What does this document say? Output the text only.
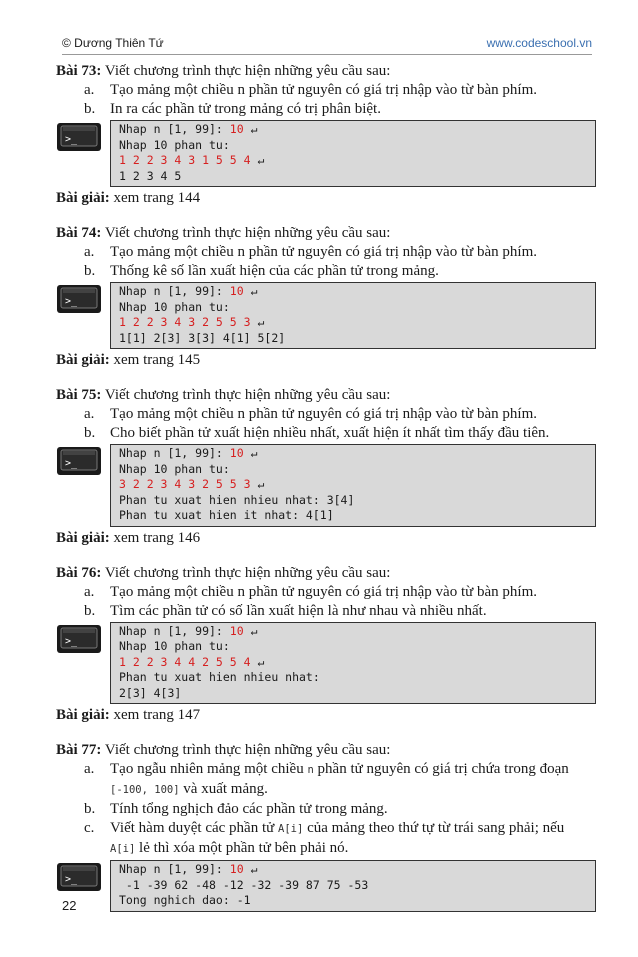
© Dương Thiên Tứ	www.codeschool.vn
Bài 73: Viết chương trình thực hiện những yêu cầu sau:
a.	Tạo mảng một chiều n phần tử nguyên có giá trị nhập vào từ bàn phím.
b. In ra các phần tử trong mảng có trị phân biệt.
>_
Nhap n [1, 99]: 10 ↵
Nhap 10 phan tu:
1 2 2 3 4 3 1 5 5 4 ↵
1 2 3 4 5
Bài giải: xem trang 144
Bài 74: Viết chương trình thực hiện những yêu cầu sau:
a.	Tạo mảng một chiều n phần tử nguyên có giá trị nhập vào từ bàn phím.
b. Thống kê số lần xuất hiện của các phần tử trong mảng.
>_
Nhap n [1, 99]: 10 ↵
Nhap 10 phan tu:
1 2 2 3 4 3 2 5 5 3 ↵
1[1] 2[3] 3[3] 4[1] 5[2]
Bài giải: xem trang 145
Bài 75: Viết chương trình thực hiện những yêu cầu sau:
a.	Tạo mảng một chiều n phần tử nguyên có giá trị nhập vào từ bàn phím.
b. Cho biết phần tử xuất hiện nhiều nhất, xuất hiện ít nhất tìm thấy đầu tiên.
>_
Nhap n [1, 99]: 10 ↵
Nhap 10 phan tu:
3 2 2 3 4 3 2 5 5 3 ↵
Phan tu xuat hien nhieu nhat: 3[4]
Phan tu xuat hien it nhat: 4[1]
Bài giải: xem trang 146
Bài 76: Viết chương trình thực hiện những yêu cầu sau:
a.	Tạo mảng một chiều n phần tử nguyên có giá trị nhập vào từ bàn phím.
b. Tìm các phần tử có số lần xuất hiện là như nhau và nhiều nhất.
>_
Nhap n [1, 99]: 10 ↵
Nhap 10 phan tu:
1 2 2 3 4 4 2 5 5 4 ↵
Phan tu xuat hien nhieu nhat:
2[3] 4[3]
Bài giải: xem trang 147
Bài 77: Viết chương trình thực hiện những yêu cầu sau:
a.	Tạo ngẫu nhiên mảng một chiều n phần tử nguyên có giá trị chứa trong đoạn
[-100, 100] và xuất mảng.
b. Tính tổng nghịch đảo các phần tử trong mảng.
c.	Viết hàm duyệt các phần tử A[i] của mảng theo thứ tự từ trái sang phải; nếu
A[i] lẻ thì xóa một phần tử bên phải nó.
>_
Nhap n [1, 99]: 10 ↵
-1 -39 62 -48 -12 -32 -39 87 75 -53
Tong nghich dao: -1
22
